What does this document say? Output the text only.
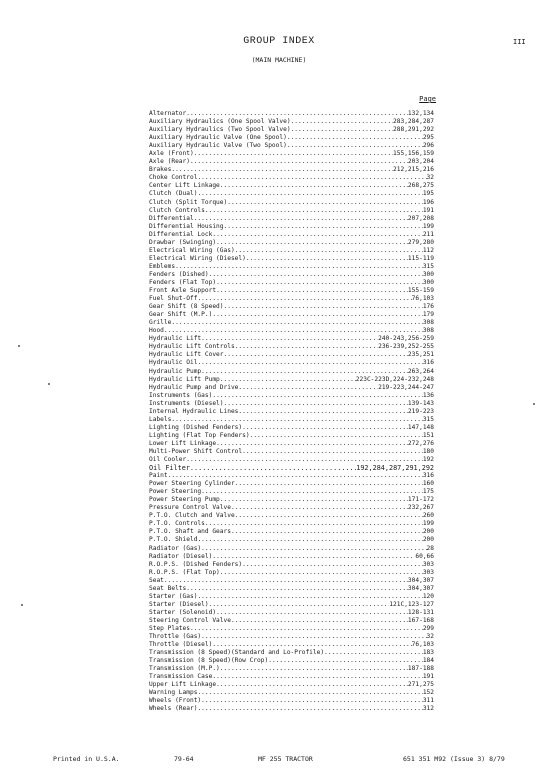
GROUP INDEX
(MAIN MACHINE)
III
Page
Alternator .....	132,134
Auxiliary Hydraulics (One Spool Valve) .....	283,284,287
Auxiliary Hydraulics (Two Spool Valve) .....	288,291,292
Auxiliary Hydraulic Valve (One Spool) .....	295
Auxiliary Hydraulic Valve (Two Spool) .....	296
Axle (Front) .....	155,156,159
Axle (Rear) .....	203,204
Brakes .....	212,215,216
Choke Control .....	32
Center Lift Linkage .....	268,275
Clutch (Dual) .....	195
Clutch (Split Torque) .....	196
Clutch Controls .....	191
Differential .....	207,208
Differential Housing .....	199
Differential Lock .....	211
Drawbar (Swinging) .....	279,280
Electrical Wiring (Gas) .....	112
Electrical Wiring (Diesel) .....	115-119
Emblems .....	315
Fenders (Dished) .....	300
Fenders (Flat Top) .....	300
Front Axle Support .....	155-159
Fuel Shut-Off .....	76,103
Gear Shift (8 Speed) .....	176
Gear Shift (M.P.) .....	179
Grille .....	308
Hood .....	308
Hydraulic Lift .....	240-243,256-259
Hydraulic Lift Controls .....	236-239,252-255
Hydraulic Lift Cover .....	235,251
Hydraulic Oil .....	316
Hydraulic Pump .....	263,264
Hydraulic Lift Pump .....	223C-223D,224-232,248
Hydraulic Pump and Drive .....	219-223,244-247
Instruments (Gas) .....	136
Instruments (Diesel) .....	139-143
Internal Hydraulic Lines .....	219-223
Labels .....	315
Lighting (Dished Fenders) .....	147,148
Lighting (Flat Top Fenders) .....	151
Lower Lift Linkage .....	272,276
Multi-Power Shift Control .....	180
Oil Cooler .....	192
Oil Filter .....	192,284,287,291,292
Paint .....	316
Power Steering Cylinder .....	160
Power Steering .....	175
Power Steering Pump .....	171-172
Pressure Control Valve .....	232,267
P.T.O. Clutch and Valve .....	260
P.T.O. Controls .....	199
P.T.O. Shaft and Gears .....	200
P.T.O. Shield .....	200
Radiator (Gas) .....	28
Radiator (Diesel) .....	60,66
R.O.P.S. (Dished Fenders) .....	303
R.O.P.S. (Flat Top) .....	303
Seat .....	304,307
Seat Belts .....	304,307
Starter (Gas) .....	120
Starter (Diesel) .....	121C,123-127
Starter (Solenoid) .....	128-131
Steering Control Valve .....	167-168
Step Plates .....	299
Throttle (Gas) .....	32
Throttle (Diesel) .....	76,103
Transmission (8 Speed)(Standard and Lo-Profile) .....	183
Transmission (8 Speed)(Row Crop) .....	184
Transmission (M.P.) .....	187-188
Transmission Case .....	191
Upper Lift Linkage .....	271,275
Warning Lamps .....	152
Wheels (Front) .....	311
Wheels (Rear) .....	312
Printed in U.S.A.	79-64	MF 255 TRACTOR	651 351 M92 (Issue 3) 8/79
